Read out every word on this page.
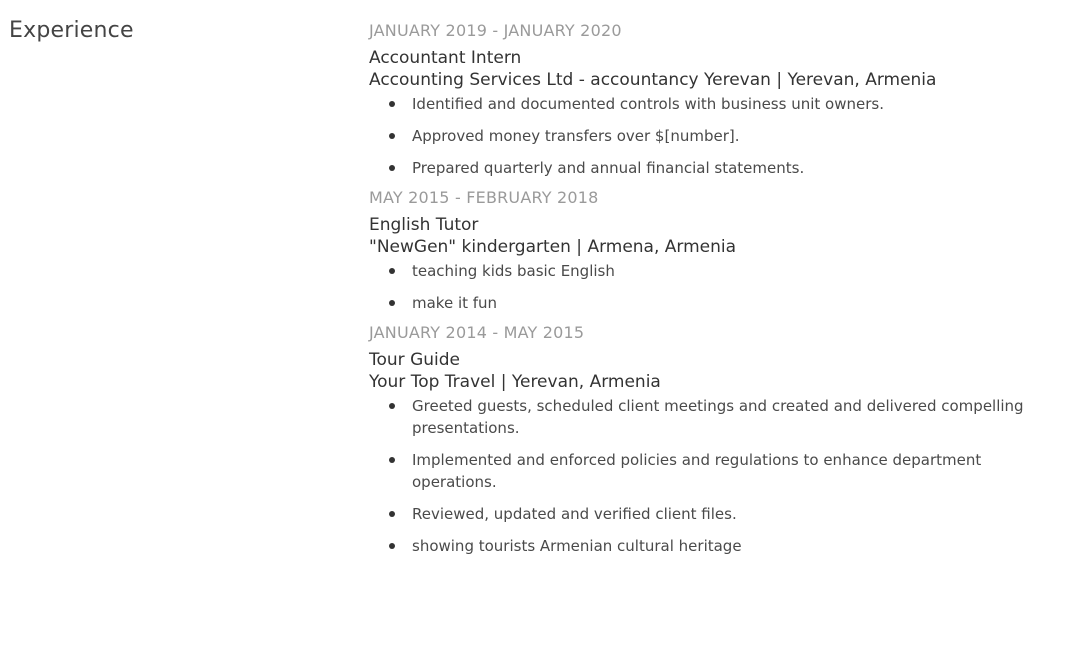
Experience	JANUARY 2019 - JANUARY 2020
Accountant Intern
Accounting Services Ltd - accountancy Yerevan | Yerevan, Armenia
Identified and documented controls with business unit owners.
Approved money transfers over $[number].
Prepared quarterly and annual financial statements.
MAY 2015 - FEBRUARY 2018
English Tutor
"NewGen" kindergarten | Armena, Armenia
teaching kids basic English
make it fun
JANUARY 2014 - MAY 2015
Tour Guide
Your Top Travel | Yerevan, Armenia
Greeted guests, scheduled client meetings and created and delivered compelling presentations.
Implemented and enforced policies and regulations to enhance department operations.
Reviewed, updated and verified client files.
showing tourists Armenian cultural heritage
